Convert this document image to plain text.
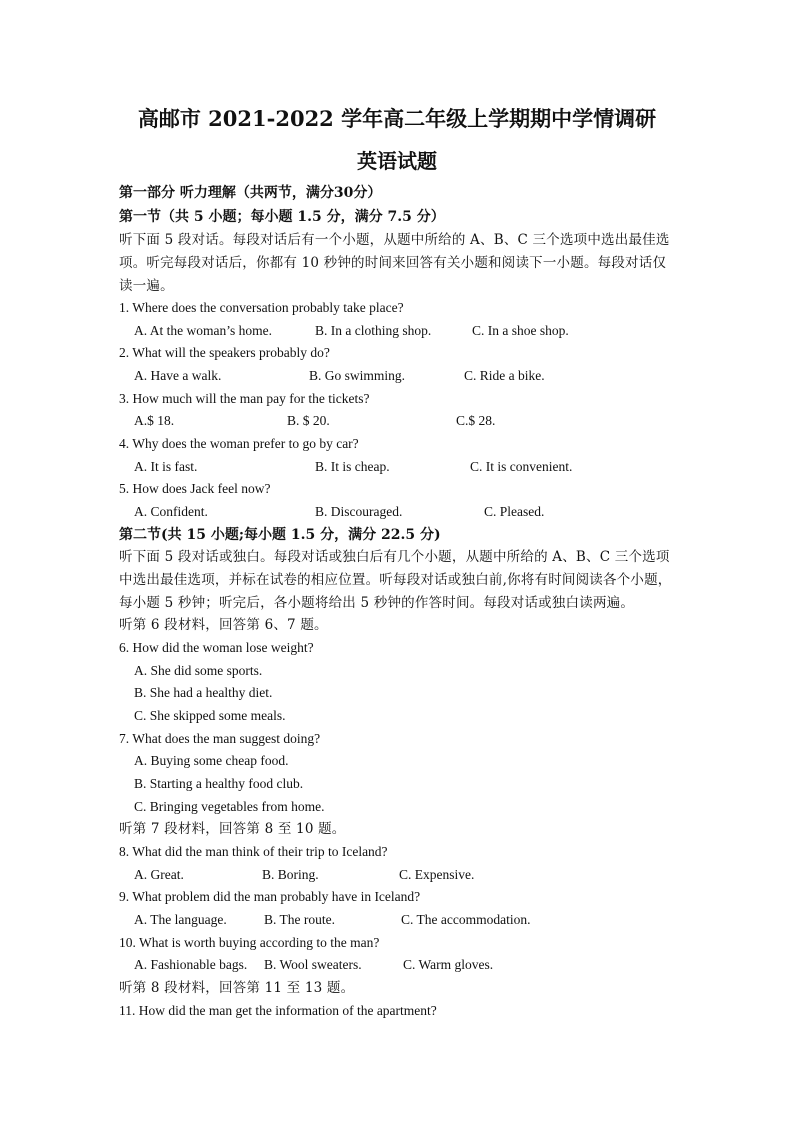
高邮市 2021-2022 学年高二年级上学期期中学情调研
英语试题
第一部分 听力理解（共两节，满分30分）
第一节（共 5 小题；每小题 1.5 分，满分 7.5 分）
听下面 5 段对话。每段对话后有一个小题，从题中所给的 A、B、C 三个选项中选出最佳选
项。听完每段对话后，你都有 10 秒钟的时间来回答有关小题和阅读下一小题。每段对话仅
读一遍。
1. Where does the conversation probably take place?
A. At the woman’s home.	B. In a clothing shop.	C. In a shoe shop.
2. What will the speakers probably do?
A. Have a walk.	B. Go swimming.	C. Ride a bike.
3. How much will the man pay for the tickets?
A.$ 18.	B. $ 20.	C.$ 28.
4. Why does the woman prefer to go by car?
A. It is fast.	B. It is cheap.	C. It is convenient.
5. How does Jack feel now?
A. Confident.	B. Discouraged.	C. Pleased.
第二节(共 15 小题;每小题 1.5 分，满分 22.5 分)
听下面 5 段对话或独白。每段对话或独白后有几个小题，从题中所给的 A、B、C 三个选项
中选出最佳选项，并标在试卷的相应位置。听每段对话或独白前,你将有时间阅读各个小题，
每小题 5 秒钟；听完后，各小题将给出 5 秒钟的作答时间。每段对话或独白读两遍。
听第 6 段材料，回答第 6、7 题。
6. How did the woman lose weight?
A. She did some sports.
B. She had a healthy diet.
C. She skipped some meals.
7. What does the man suggest doing?
A. Buying some cheap food.
B. Starting a healthy food club.
C. Bringing vegetables from home.
听第 7 段材料，回答第 8 至 10 题。
8. What did the man think of their trip to Iceland?
A. Great.	B. Boring.	C. Expensive.
9. What problem did the man probably have in Iceland?
A. The language.	B. The route.	C. The accommodation.
10. What is worth buying according to the man?
A. Fashionable bags. B. Wool sweaters.	C. Warm gloves.
听第 8 段材料，回答第 11 至 13 题。
11. How did the man get the information of the apartment?
